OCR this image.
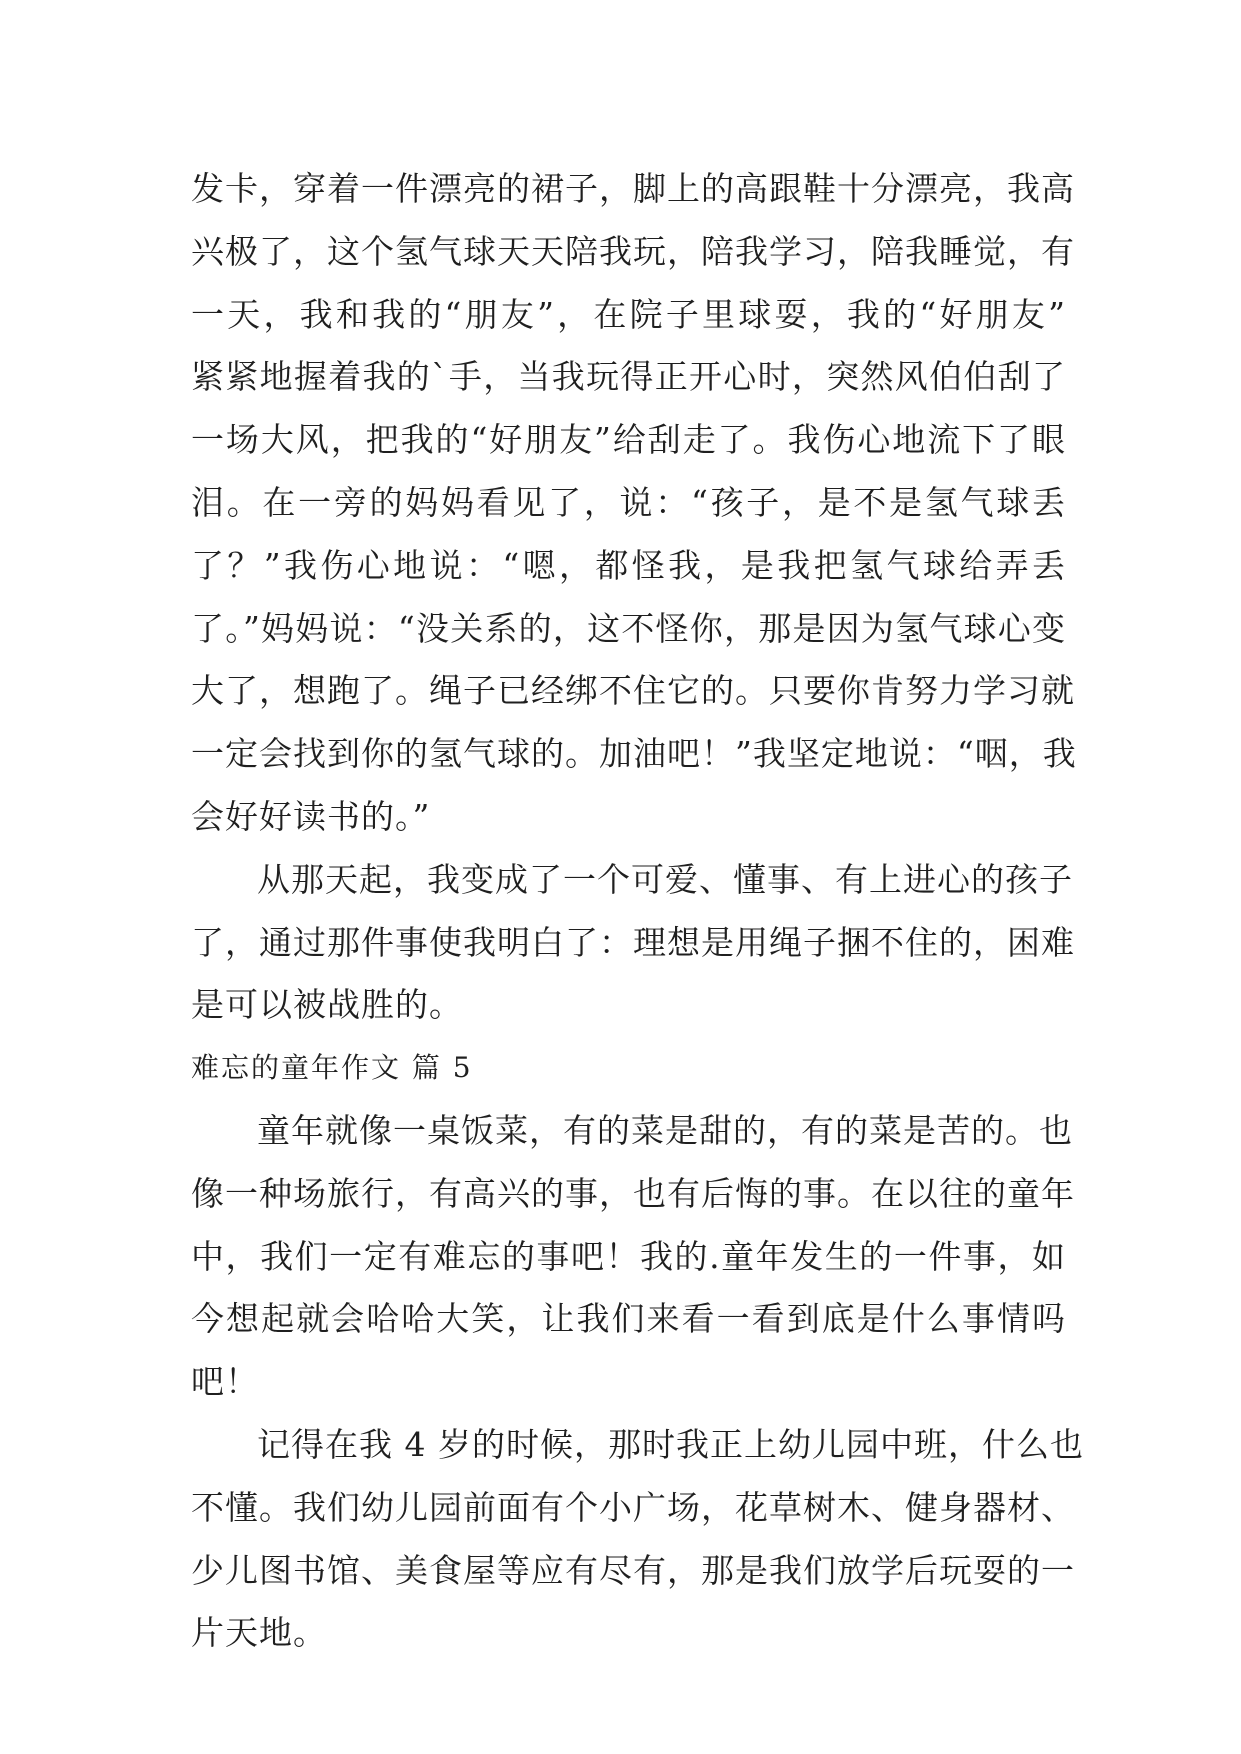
发卡，穿着一件漂亮的裙子，脚上的高跟鞋十分漂亮，我高
兴极了，这个氢气球天天陪我玩，陪我学习，陪我睡觉，有
一天，我和我的“朋友”，在院子里球耍，我的“好朋友”
紧紧地握着我的`手，当我玩得正开心时，突然风伯伯刮了
一场大风，把我的“好朋友”给刮走了。我伤心地流下了眼
泪。在一旁的妈妈看见了，说：“孩子，是不是氢气球丢
了？”我伤心地说：“嗯，都怪我，是我把氢气球给弄丢
了。”妈妈说：“没关系的，这不怪你，那是因为氢气球心变
大了，想跑了。绳子已经绑不住它的。只要你肯努力学习就
一定会找到你的氢气球的。加油吧！”我坚定地说：“咽，我
会好好读书的。”
从那天起，我变成了一个可爱、懂事、有上进心的孩子
了，通过那件事使我明白了：理想是用绳子捆不住的，困难
是可以被战胜的。
难忘的童年作文 篇 5
童年就像一桌饭菜，有的菜是甜的，有的菜是苦的。也
像一种场旅行，有高兴的事，也有后悔的事。在以往的童年
中，我们一定有难忘的事吧！我的.童年发生的一件事，如
今想起就会哈哈大笑，让我们来看一看到底是什么事情吗
吧！
记得在我 4 岁的时候，那时我正上幼儿园中班，什么也
不懂。我们幼儿园前面有个小广场，花草树木、健身器材、
少儿图书馆、美食屋等应有尽有，那是我们放学后玩耍的一
片天地。
